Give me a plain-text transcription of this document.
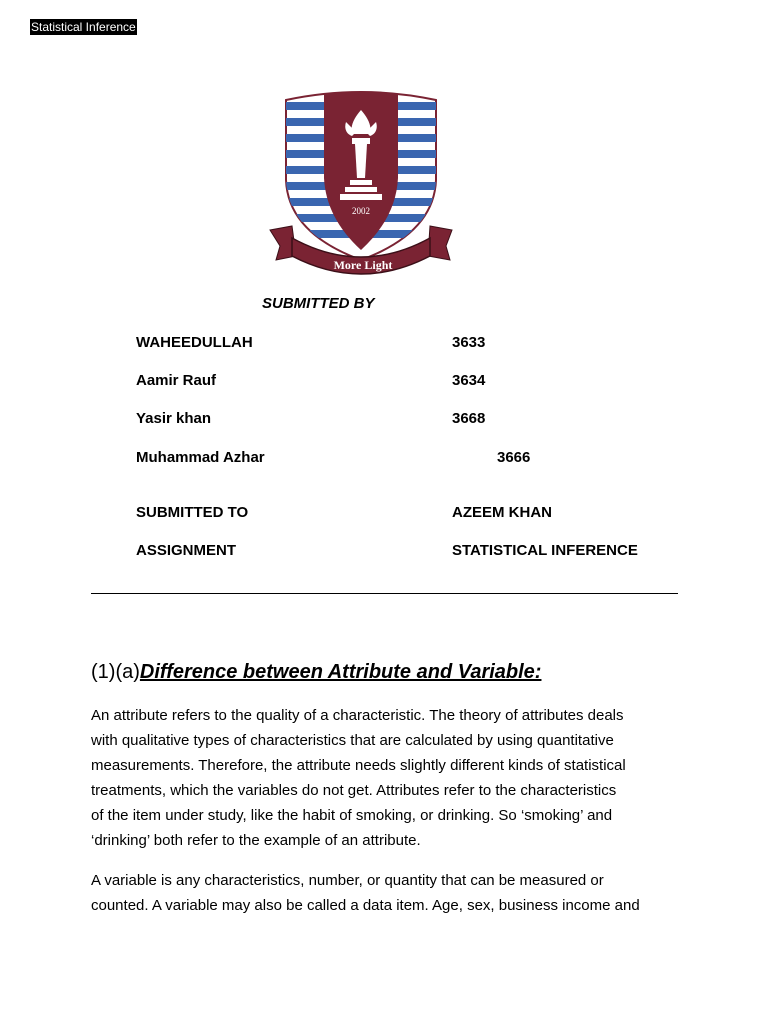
Statistical Inference
2002
More Light
SUBMITTED BY
WAHEEDULLAH	3633
Aamir Rauf	3634
Yasir khan	3668
Muhammad Azhar	3666
SUBMITTED TO	AZEEM KHAN
ASSIGNMENT	STATISTICAL INFERENCE
(1)(a)Difference between Attribute and Variable:

An attribute refers to the quality of a characteristic. The theory of attributes deals
with qualitative types of characteristics that are calculated by using quantitative
measurements. Therefore, the attribute needs slightly different kinds of statistical
treatments, which the variables do not get. Attributes refer to the characteristics
of the item under study, like the habit of smoking, or drinking. So ‘smoking’ and
‘drinking’ both refer to the example of an attribute.

A variable is any characteristics, number, or quantity that can be measured or
counted. A variable may also be called a data item. Age, sex, business income and
